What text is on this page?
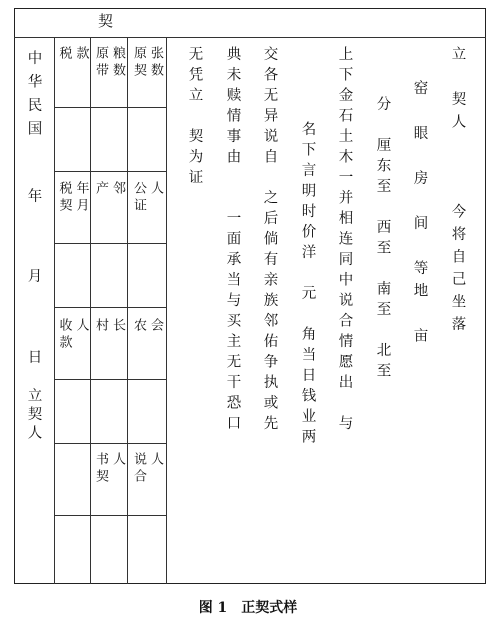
契
中华民国
年
月
日 立契人
款
税 原带 粮数 原契 张数
税契 年月 产 邻 公证 人
收款 人 村 长 农 会
书契 人 说合 人
无凭立　契为证 典未赎情事由　　一面承当与买主无干恐口 交各无异说自　之后倘有亲族邻佑争执或先 名下言明时价洋　元　角当日钱业两 上下金石土木一并相连同中说合情愿出　与 分　厘东至　西至　南至　北至 窑　眼　房　间　等地　亩 立　契人　　　今将自己坐落
图 1　正契式样
